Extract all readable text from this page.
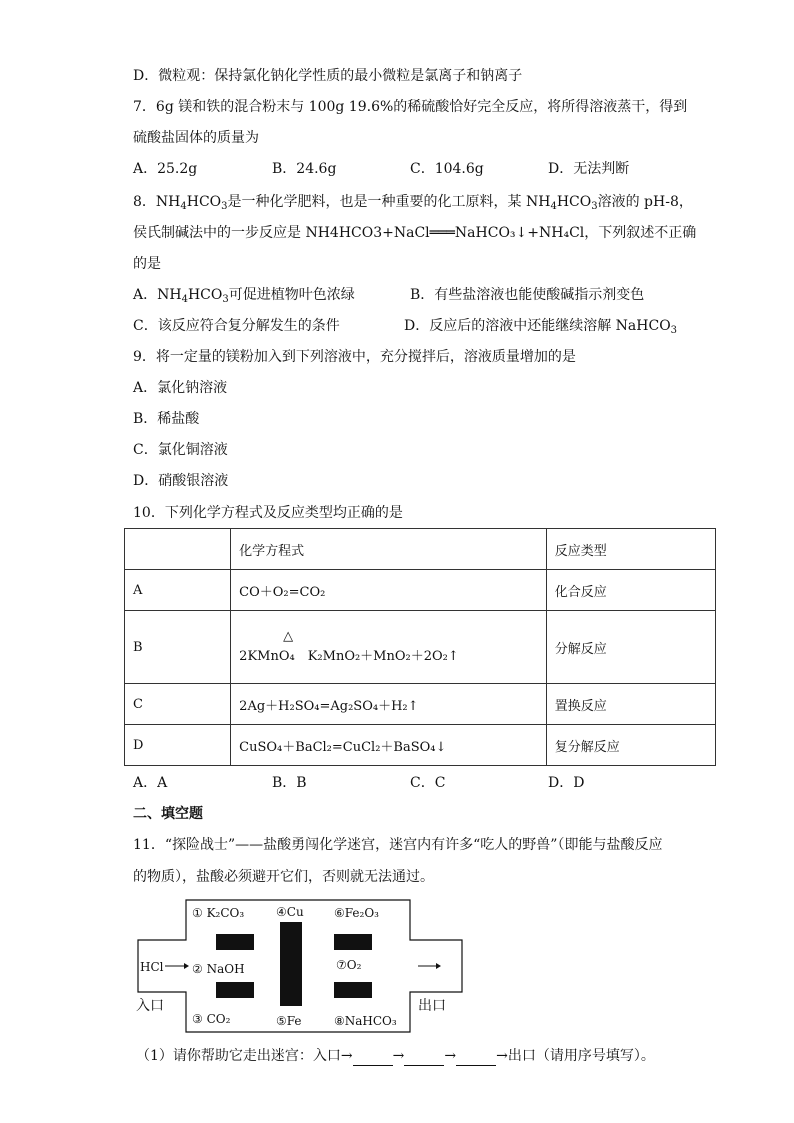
D．微粒观：保持氯化钠化学性质的最小微粒是氯离子和钠离子
7．6g 镁和铁的混合粉末与 100g 19.6%的稀硫酸恰好完全反应，将所得溶液蒸干，得到
硫酸盐固体的质量为
A．25.2g	B．24.6g	C．104.6g	D．无法判断
8．$NH_4HCO_3$是一种化学肥料，也是一种重要的化工原料，某 $NH_4HCO_3$溶液的 pH-8，
侯氏制碱法中的一步反应是 NH4HCO3+NaCl═══NaHCO₃↓+NH₄Cl，下列叙述不正确
的是
A．$NH_4HCO_3$可促进植物叶色浓绿	B．有些盐溶液也能使酸碱指示剂变色
C．该反应符合复分解发生的条件	D．反应后的溶液中还能继续溶解 NaHCO$_3$
9．将一定量的镁粉加入到下列溶液中，充分搅拌后，溶液质量增加的是
A．氯化钠溶液
B．稀盐酸
C．氯化铜溶液
D．硝酸银溶液
10．下列化学方程式及反应类型均正确的是
	化学方程式	反应类型
A	CO＋O₂=CO₂	化合反应
B	△
2KMnO₄　K₂MnO₂＋MnO₂＋2O₂↑	分解反应
C	2Ag＋H₂SO₄=Ag₂SO₄＋H₂↑	置换反应
D	CuSO₄＋BaCl₂=CuCl₂＋BaSO₄↓	复分解反应
A．A	B．B	C．C	D．D
二、填空题
11．“探险战士”——盐酸勇闯化学迷宫，迷宫内有许多“吃人的野兽”（即能与盐酸反应
的物质），盐酸必须避开它们，否则就无法通过。
① K₂CO₃	④Cu	⑥Fe₂O₃
HCl ② NaOH	⑦O₂
③ CO₂	⑤Fe	⑧NaHCO₃
入口	出口
（1）请你帮助它走出迷宫：入口→	→	→	→出口（请用序号填写）。
